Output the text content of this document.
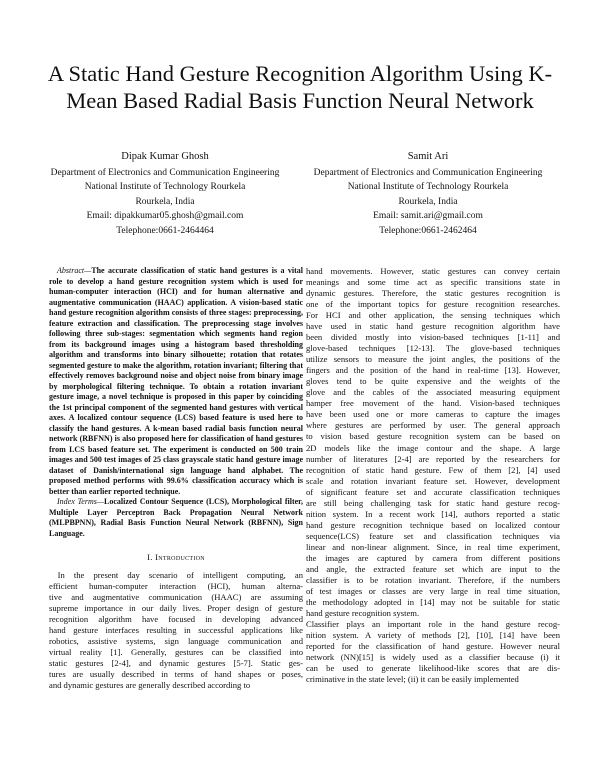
A Static Hand Gesture Recognition Algorithm Using K-Mean Based Radial Basis Function Neural Network
Dipak Kumar Ghosh
Department of Electronics and Communication Engineering
National Institute of Technology Rourkela
Rourkela, India
Email: dipakkumar05.ghosh@gmail.com
Telephone:0661-2464464
Samit Ari
Department of Electronics and Communication Engineering
National Institute of Technology Rourkela
Rourkela, India
Email: samit.ari@gmail.com
Telephone:0661-2462464

Abstract—The accurate classification of static hand gestures is a vital role to develop a hand gesture recognition system which is used for human-computer interaction (HCI) and for human alternative and augmentative communication (HAAC) application. A vision-based static hand gesture recognition algorithm consists of three stages: preprocessing, feature extraction and classification. The preprocessing stage involves following three sub-stages: segmentation which segments hand region from its background images using a histogram based thresholding algorithm and transforms into binary silhouette; rotation that rotates segmented gesture to make the algorithm, rotation invariant; filtering that effectively removes background noise and object noise from binary image by morphological filtering technique. To obtain a rotation invariant gesture image, a novel technique is proposed in this paper by coinciding the 1st principal component of the segmented hand gestures with vertical axes. A localized contour sequence (LCS) based feature is used here to classify the hand gestures. A k-mean based radial basis function neural network (RBFNN) is also proposed here for classification of hand gestures from LCS based feature set. The experiment is conducted on 500 train images and 500 test images of 25 class grayscale static hand gesture image dataset of Danish/international sign language hand alphabet. The proposed method performs with 99.6% classification accuracy which is better than earlier reported technique.

Index Terms—Localized Contour Sequence (LCS), Morphological filter, Multiple Layer Perceptron Back Propagation Neural Network (MLPBPNN), Radial Basis Function Neural Network (RBFNN), Sign Language.

I. Introduction
In the present day scenario of intelligent computing, an
efficient human-computer interaction (HCI), human alterna-
tive and augmentative communication (HAAC) are assuming
supreme importance in our daily lives. Proper design of gesture
recognition algorithm have focused in developing advanced
hand gesture interfaces resulting in successful applications like
robotics, assistive systems, sign language communication and
virtual reality [1]. Generally, gestures can be classified into
static gestures [2-4], and dynamic gestures [5-7]. Static ges-
tures are usually described in terms of hand shapes or poses,
and dynamic gestures are generally described according to
hand movements. However, static gestures can convey certain
meanings and some time act as specific transitions state in
dynamic gestures. Therefore, the static gestures recognition is
one of the important topics for gesture recognition researches.
For HCI and other application, the sensing techniques which
have used in static hand gesture recognition algorithm have
been divided mostly into vision-based techniques [1-11] and
glove-based techniques [12-13]. The glove-based techniques
utilize sensors to measure the joint angles, the positions of the
fingers and the position of the hand in real-time [13]. However,
gloves tend to be quite expensive and the weights of the
glove and the cables of the associated measuring equipment
hamper free movement of the hand. Vision-based techniques
have been used one or more cameras to capture the images
where gestures are performed by user. The general approach
to vision based gesture recognition system can be based on
2D models like the image contour and the shape. A large
number of literatures [2-4] are reported by the researchers for
recognition of static hand gesture. Few of them [2], [4] used
scale and rotation invariant feature set. However, development
of significant feature set and accurate classification techniques
are still being challenging task for static hand gesture recog-
nition system. In a recent work [14], authors reported a static
hand gesture recognition technique based on localized contour
sequence(LCS) feature set and classification techniques via
linear and non-linear alignment. Since, in real time experiment,
the images are captured by camera from different positions
and angle, the extracted feature set which are input to the
classifier is to be rotation invariant. Therefore, if the numbers
of test images or classes are very large in real time situation,
the methodology adopted in [14] may not be suitable for static
hand gesture recognition system.
Classifier plays an important role in the hand gesture recog-
nition system. A variety of methods [2], [10], [14] have been
reported for the classification of hand gesture. However neural
network (NN)[15] is widely used as a classifier because (i) it
can be used to generate likelihood-like scores that are dis-
criminative in the state level; (ii) it can be easily implemented
